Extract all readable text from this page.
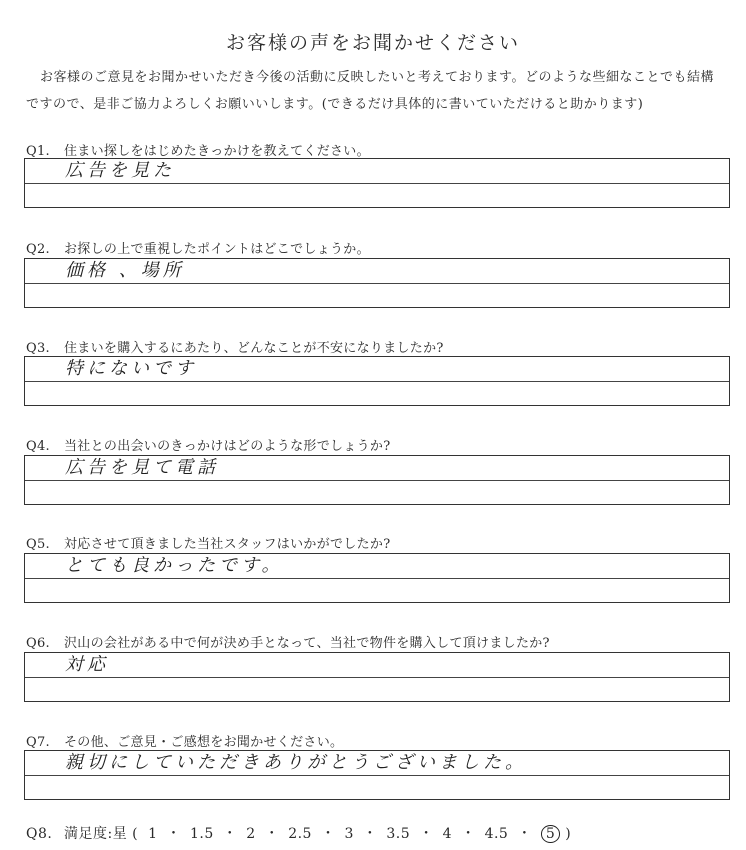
お客様の声をお聞かせください
お客様のご意見をお聞かせいただき今後の活動に反映したいと考えております。どのような些細なことでも結構ですので、是非ご協力よろしくお願いいします。(できるだけ具体的に書いていただけると助かります)
Q1. 住まい探しをはじめたきっかけを教えてください。
広告を見た
Q2. お探しの上で重視したポイントはどこでしょうか。
価格 、場所
Q3. 住まいを購入するにあたり、どんなことが不安になりましたか?
特にないです
Q4. 当社との出会いのきっかけはどのような形でしょうか?
広告を見て電話
Q5. 対応させて頂きました当社スタッフはいかがでしたか?
とても良かったです。
Q6. 沢山の会社がある中で何が決め手となって、当社で物件を購入して頂けましたか?
対応
Q7. その他、ご意見・ご感想をお聞かせください。
親切にしていただきありがとうございました。
Q8. 満足度:星 ( 1 ・ 1.5 ・ 2 ・ 2.5 ・ 3 ・ 3.5 ・ 4 ・ 4.5 ・ 5 )
